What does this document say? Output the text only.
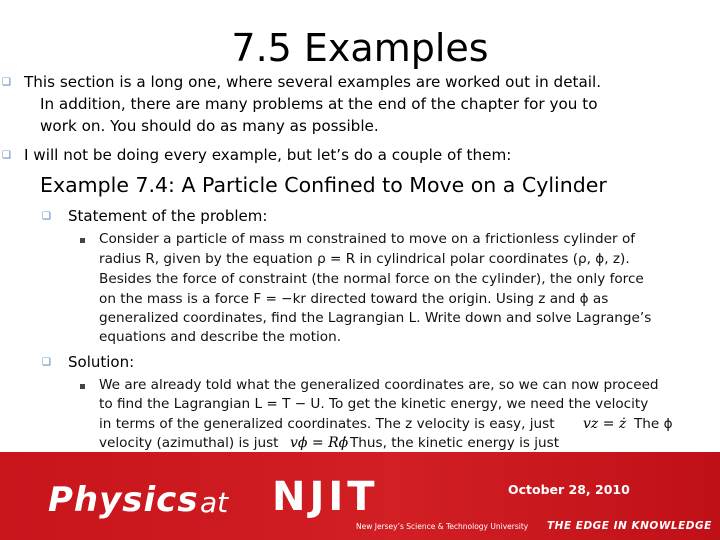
7.5 Examples
❑ This section is a long one, where several examples are worked out in detail.
In addition, there are many problems at the end of the chapter for you to
work on. You should do as many as possible.
❑ I will not be doing every example, but let’s do a couple of them:
Example 7.4: A Particle Confined to Move on a Cylinder
❑ Statement of the problem:
Consider a particle of mass m constrained to move on a frictionless cylinder of
radius R, given by the equation ρ = R in cylindrical polar coordinates (ρ, ϕ, z).
Besides the force of constraint (the normal force on the cylinder), the only force
on the mass is a force F = −kr directed toward the origin. Using z and ϕ as
generalized coordinates, find the Lagrangian L. Write down and solve Lagrange’s
equations and describe the motion.
❑ Solution:
We are already told what the generalized coordinates are, so we can now proceed
to find the Lagrangian L = T − U. To get the kinetic energy, we need the velocity
in terms of the generalized coordinates. The z velocity is easy, just vz = ż The ϕ
velocity (azimuthal) is just vϕ = Rϕ̇ Thus, the kinetic energy is just
Physics at NJIT
New Jersey’s Science & Technology University
October 28, 2010
THE EDGE IN KNOWLEDGE
